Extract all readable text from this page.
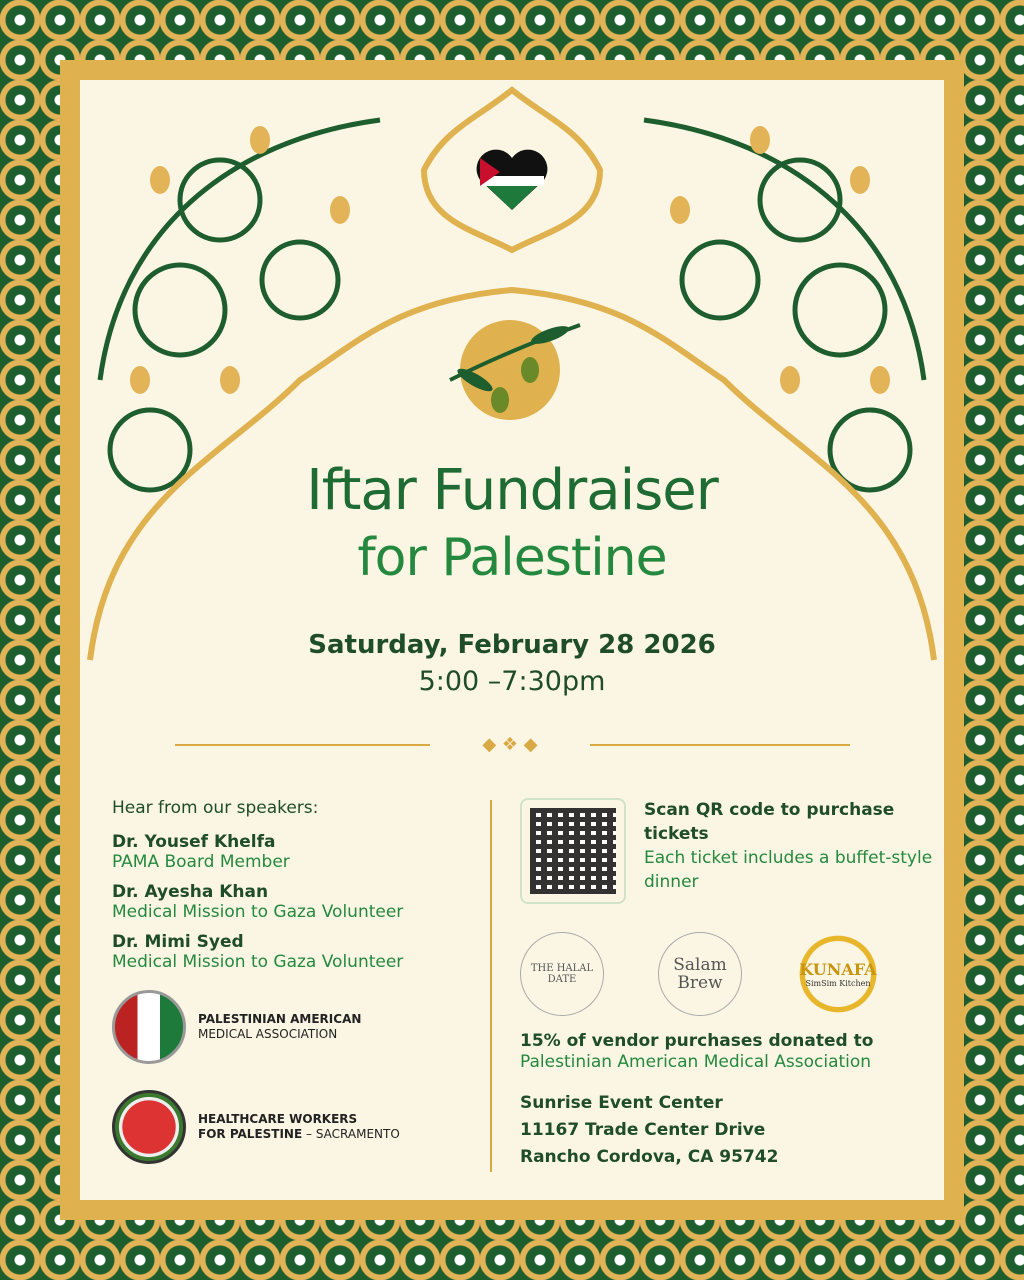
Iftar Fundraiser
for Palestine
Saturday, February 28 2026
5:00 –7:30pm
◆ ❖ ◆
Hear from our speakers:
Dr. Yousef Khelfa
PAMA Board Member
Dr. Ayesha Khan
Medical Mission to Gaza Volunteer
Dr. Mimi Syed
Medical Mission to Gaza Volunteer
PALESTINIAN AMERICAN
MEDICAL ASSOCIATION
HEALTHCARE WORKERS
FOR PALESTINE – SACRAMENTO
Scan QR code to purchase tickets
Each ticket includes a buffet-style dinner
THE HALAL DATE
Salam Brew
KUNAFA
SimSim Kitchen
15% of vendor purchases donated to
Palestinian American Medical Association
Sunrise Event Center
11167 Trade Center Drive
Rancho Cordova, CA 95742
